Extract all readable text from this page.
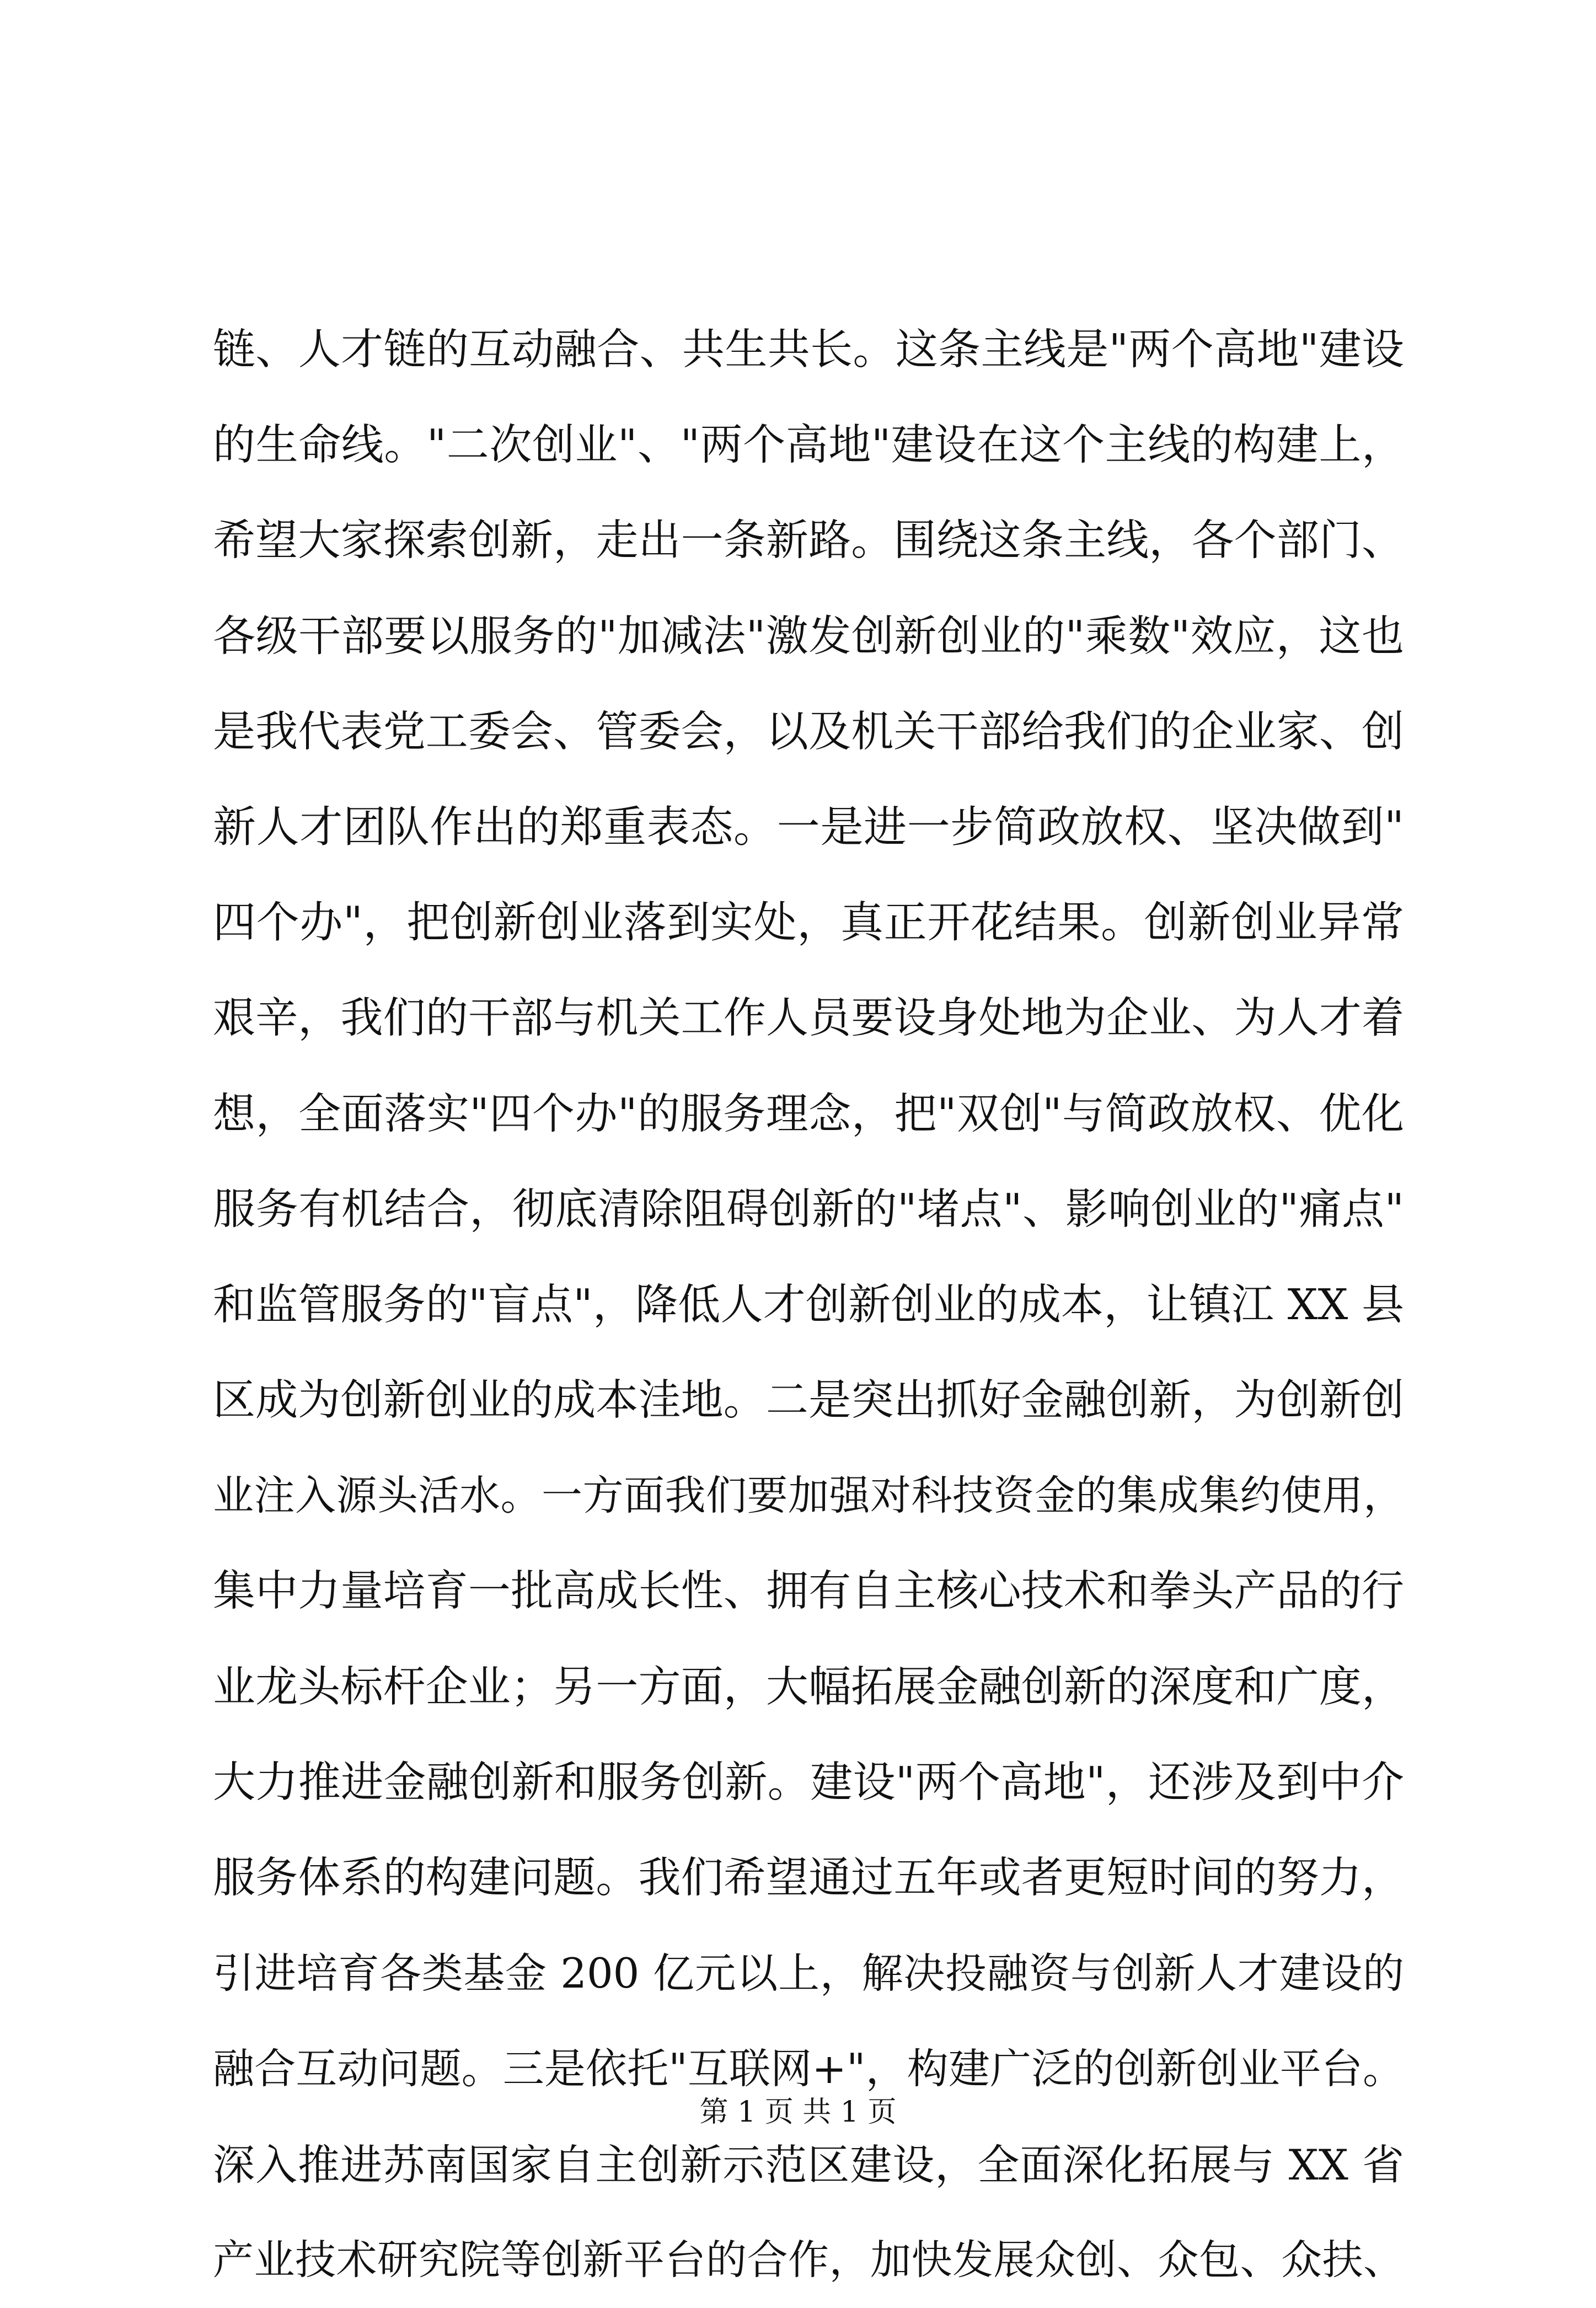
链、人才链的互动融合、共生共长。这条主线是"两个高地"建设
的生命线。"二次创业"、"两个高地"建设在这个主线的构建上，
希望大家探索创新，走出一条新路。围绕这条主线，各个部门、
各级干部要以服务的"加减法"激发创新创业的"乘数"效应，这也
是我代表党工委会、管委会，以及机关干部给我们的企业家、创
新人才团队作出的郑重表态。一是进一步简政放权、坚决做到"
四个办"，把创新创业落到实处，真正开花结果。创新创业异常
艰辛，我们的干部与机关工作人员要设身处地为企业、为人才着
想，全面落实"四个办"的服务理念，把"双创"与简政放权、优化
服务有机结合，彻底清除阻碍创新的"堵点"、影响创业的"痛点"
和监管服务的"盲点"，降低人才创新创业的成本，让镇江 XX 县
区成为创新创业的成本洼地。二是突出抓好金融创新，为创新创
业注入源头活水。一方面我们要加强对科技资金的集成集约使用，
集中力量培育一批高成长性、拥有自主核心技术和拳头产品的行
业龙头标杆企业；另一方面，大幅拓展金融创新的深度和广度，
大力推进金融创新和服务创新。建设"两个高地"，还涉及到中介
服务体系的构建问题。我们希望通过五年或者更短时间的努力，
引进培育各类基金 200 亿元以上，解决投融资与创新人才建设的
融合互动问题。三是依托"互联网+"，构建广泛的创新创业平台。
深入推进苏南国家自主创新示范区建设，全面深化拓展与 XX 省
产业技术研究院等创新平台的合作，加快发展众创、众包、众扶、
第 1 页 共 1 页
